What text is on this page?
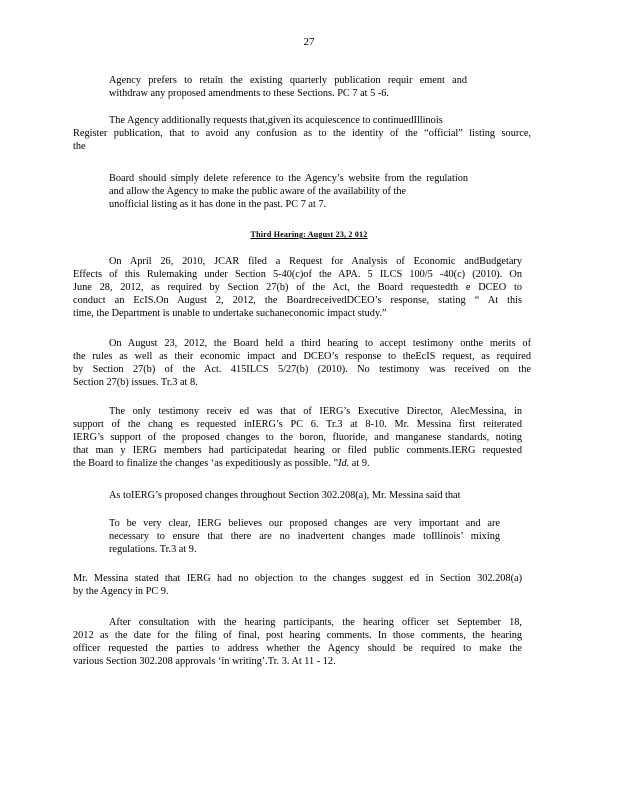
27
Agency prefers to retain the existing quarterly publication requir ement and
withdraw any proposed amendments to these Sections. PC 7 at 5 -6.
The Agency additionally requests that,given its acquiescence to continuedIllinois
Register publication, that to avoid any confusion as to the identity of the “official” listing source,
the
Board should simply delete reference to the Agency’s website from the regulation
and allow the Agency to make the public aware of the availability of the
unofficial listing as it has done in the past. PC 7 at 7.
Third Hearing: August 23, 2 012
On April 26, 2010, JCAR filed a Request for Analysis of Economic andBudgetary
Effects of this Rulemaking under Section 5-40(c)of the APA. 5 ILCS 100/5 -40(c) (2010). On
June 28, 2012, as required by Section 27(b) of the Act, the Board requestedth e DCEO to
conduct an EcIS.On August 2, 2012, the BoardreceivedDCEO’s response, stating “ At this
time, the Department is unable to undertake suchaneconomic impact study.”
On August 23, 2012, the Board held a third hearing to accept testimony onthe merits of
the rules as well as their economic impact and DCEO’s response to theEcIS request, as required
by Section 27(b) of the Act. 415ILCS 5/27(b) (2010). No testimony was received on the
Section 27(b) issues. Tr.3 at 8.
The only testimony receiv ed was that of IERG’s Executive Director, AlecMessina, in
support of the chang es requested inIERG’s PC 6. Tr.3 at 8-10. Mr. Messina first reiterated
IERG’s support of the proposed changes to the boron, fluoride, and manganese standards, noting
that man y IERG members had participatedat hearing or filed public comments.IERG requested
the Board to finalize the changes ‘as expeditiously as possible. ”Id. at 9.
As toIERG’s proposed changes throughout Section 302.208(a), Mr. Messina said that
To be very clear, IERG believes our proposed changes are very important and are
necessary to ensure that there are no inadvertent changes made toIllinois’ mixing
regulations. Tr.3 at 9.
Mr. Messina stated that IERG had no objection to the changes suggest ed in Section 302.208(a)
by the Agency in PC 9.
After consultation with the hearing participants, the hearing officer set September 18,
2012 as the date for the filing of final, post hearing comments. In those comments, the hearing
officer requested the parties to address whether the Agency should be required to make the
various Section 302.208 approvals ‘in writing’.Tr. 3. At 11 - 12.
